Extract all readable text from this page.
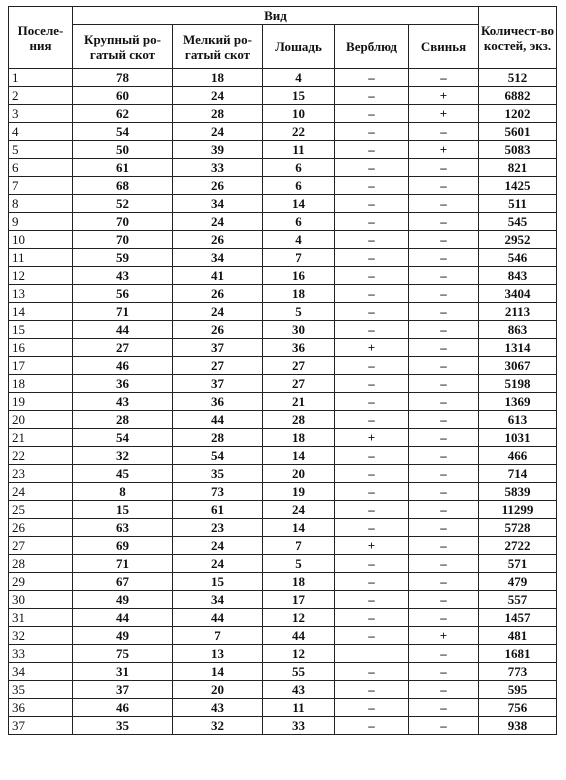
Поселе-ния	Вид					Количест-во костей, экз.
	Крупный ро-гатый скот	Мелкий ро-гатый скот	Лошадь	Верблюд	Свинья	
1	78	18	4	–	–	512
2	60	24	15	–	+	6882
3	62	28	10	–	+	1202
4	54	24	22	–	–	5601
5	50	39	11	–	+	5083
6	61	33	6	–	–	821
7	68	26	6	–	–	1425
8	52	34	14	–	–	511
9	70	24	6	–	–	545
10	70	26	4	–	–	2952
11	59	34	7	–	–	546
12	43	41	16	–	–	843
13	56	26	18	–	–	3404
14	71	24	5	–	–	2113
15	44	26	30	–	–	863
16	27	37	36	+	–	1314
17	46	27	27	–	–	3067
18	36	37	27	–	–	5198
19	43	36	21	–	–	1369
20	28	44	28	–	–	613
21	54	28	18	+	–	1031
22	32	54	14	–	–	466
23	45	35	20	–	–	714
24	8	73	19	–	–	5839
25	15	61	24	–	–	11299
26	63	23	14	–	–	5728
27	69	24	7	+	–	2722
28	71	24	5	–	–	571
29	67	15	18	–	–	479
30	49	34	17	–	–	557
31	44	44	12	–	–	1457
32	49	7	44	–	+	481
33	75	13	12		–	1681
34	31	14	55	–	–	773
35	37	20	43	–	–	595
36	46	43	11	–	–	756
37	35	32	33	–	–	938
